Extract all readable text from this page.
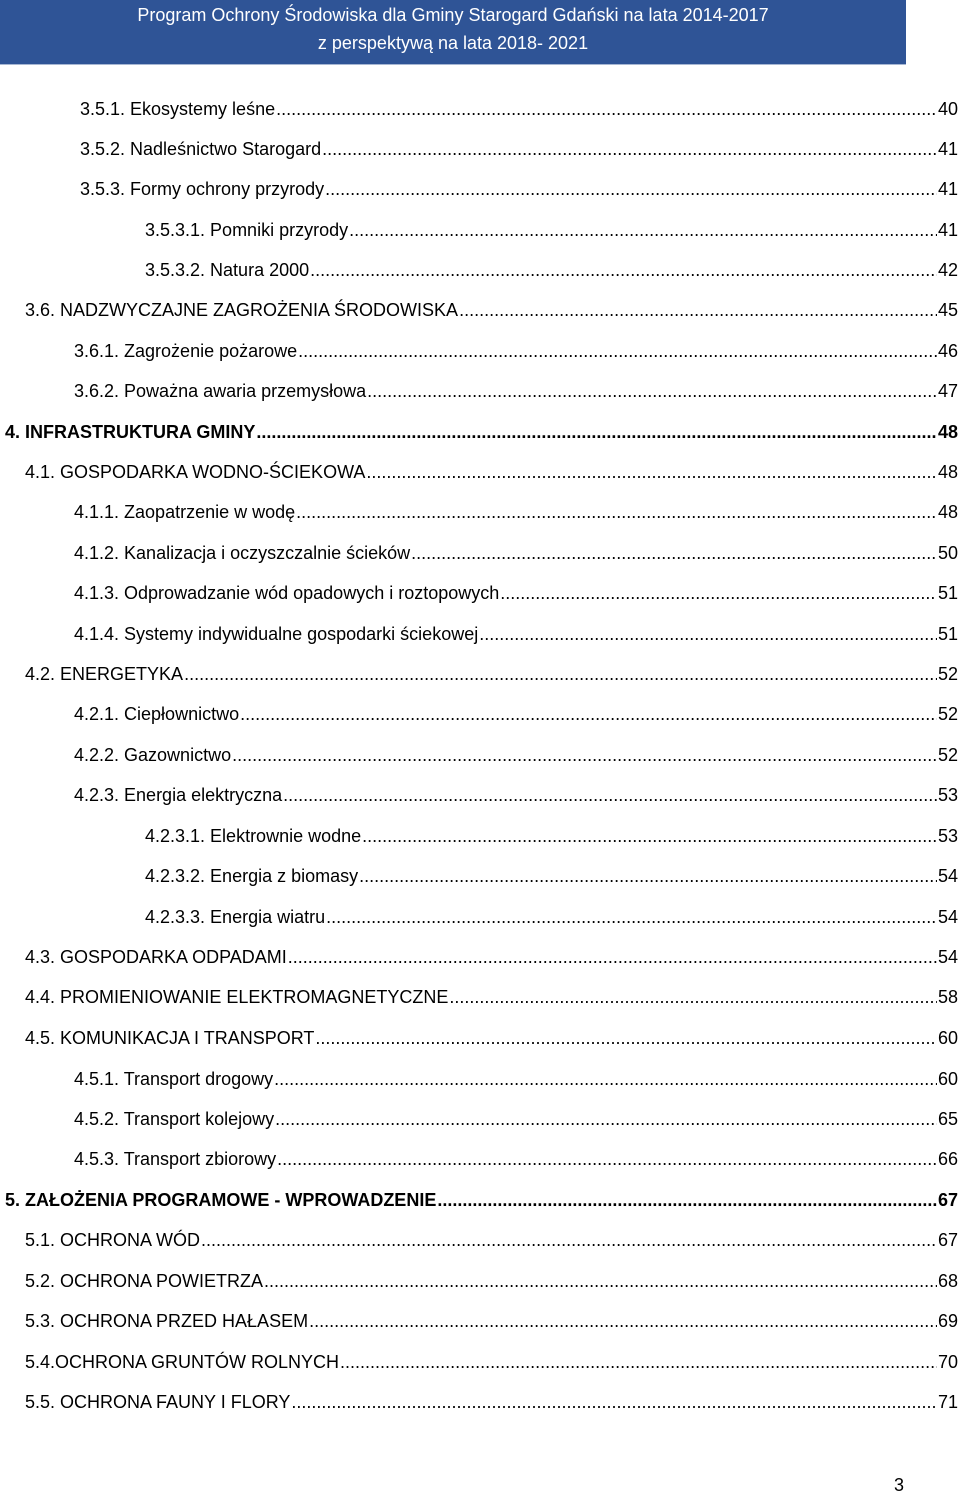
Program Ochrony Środowiska dla Gminy Starogard Gdański na lata 2014-2017
z perspektywą na lata 2018- 2021
3.5.1. Ekosystemy leśne .....	40
3.5.2. Nadleśnictwo Starogard .....	41
3.5.3. Formy ochrony przyrody .....	41
3.5.3.1. Pomniki przyrody .....	41
3.5.3.2. Natura 2000 .....	42
3.6. NADZWYCZAJNE ZAGROŻENIA ŚRODOWISKA .....	45
3.6.1. Zagrożenie pożarowe .....	46
3.6.2. Poważna awaria przemysłowa .....	47
4. INFRASTRUKTURA GMINY .....	48
4.1. GOSPODARKA WODNO-ŚCIEKOWA .....	48
4.1.1. Zaopatrzenie w wodę .....	48
4.1.2. Kanalizacja i oczyszczalnie ścieków .....	50
4.1.3. Odprowadzanie wód opadowych i roztopowych .....	51
4.1.4. Systemy indywidualne gospodarki ściekowej .....	51
4.2. ENERGETYKA .....	52
4.2.1. Ciepłownictwo .....	52
4.2.2. Gazownictwo .....	52
4.2.3. Energia elektryczna .....	53
4.2.3.1. Elektrownie wodne .....	53
4.2.3.2. Energia z biomasy .....	54
4.2.3.3. Energia wiatru .....	54
4.3. GOSPODARKA ODPADAMI .....	54
4.4. PROMIENIOWANIE ELEKTROMAGNETYCZNE .....	58
4.5. KOMUNIKACJA I TRANSPORT .....	60
4.5.1. Transport drogowy .....	60
4.5.2. Transport kolejowy .....	65
4.5.3. Transport zbiorowy .....	66
5. ZAŁOŻENIA PROGRAMOWE - WPROWADZENIE .....	67
5.1. OCHRONA WÓD .....	67
5.2. OCHRONA POWIETRZA .....	68
5.3. OCHRONA PRZED HAŁASEM .....	69
5.4.OCHRONA GRUNTÓW ROLNYCH .....	70
5.5. OCHRONA FAUNY I FLORY .....	71
3
